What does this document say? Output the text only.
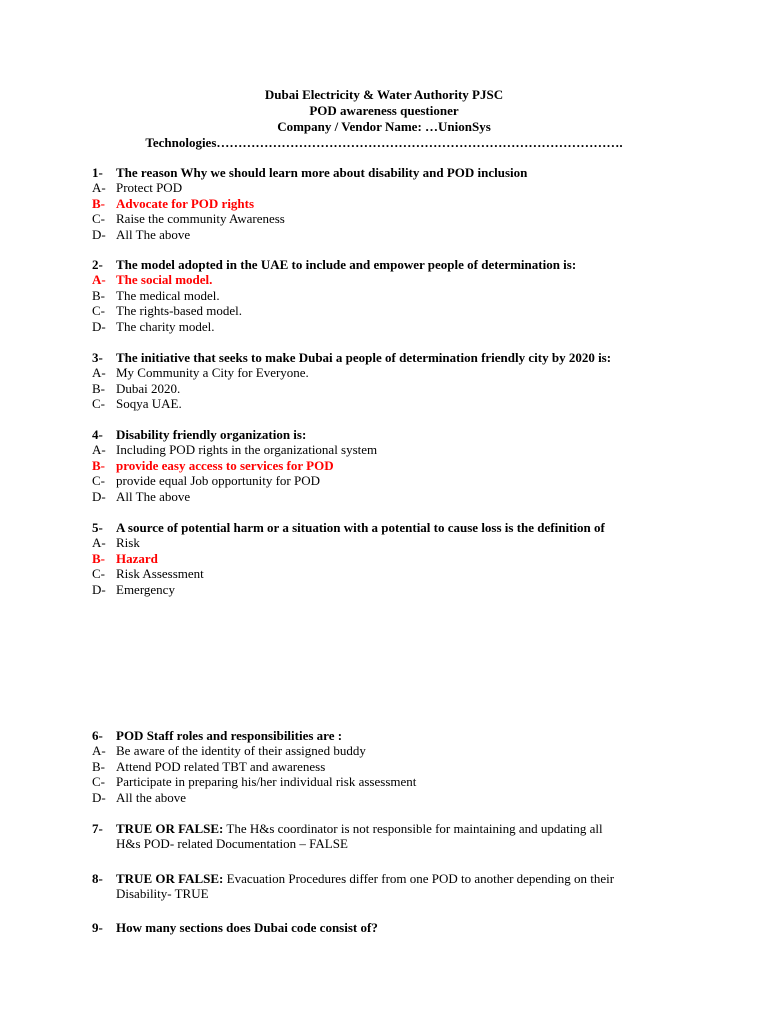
Dubai Electricity & Water Authority PJSC
POD awareness questioner
Company / Vendor Name: …UnionSys
Technologies………………………………………………………………………………….
1- The reason Why we should learn more about disability and POD inclusion
A- Protect POD
B- Advocate for POD rights
C- Raise the community Awareness
D- All The above
2- The model adopted in the UAE to include and empower people of determination is:
A- The social model.
B- The medical model.
C- The rights-based model.
D- The charity model.
3- The initiative that seeks to make Dubai a people of determination friendly city by 2020 is:
A- My Community a City for Everyone.
B- Dubai 2020.
C- Soqya UAE.
4- Disability friendly organization is:
A- Including POD rights in the organizational system
B- provide easy access to services for POD
C- provide equal Job opportunity for POD
D- All The above
5- A source of potential harm or a situation with a potential to cause loss is the definition of
A- Risk
B- Hazard
C- Risk Assessment
D- Emergency
6- POD Staff roles and responsibilities are :
A- Be aware of the identity of their assigned buddy
B- Attend POD related TBT and awareness
C- Participate in preparing his/her individual risk assessment
D- All the above
7- TRUE OR FALSE: The H&s coordinator is not responsible for maintaining and updating all
H&s POD- related Documentation – FALSE
8- TRUE OR FALSE: Evacuation Procedures differ from one POD to another depending on their
Disability- TRUE
9- How many sections does Dubai code consist of?
